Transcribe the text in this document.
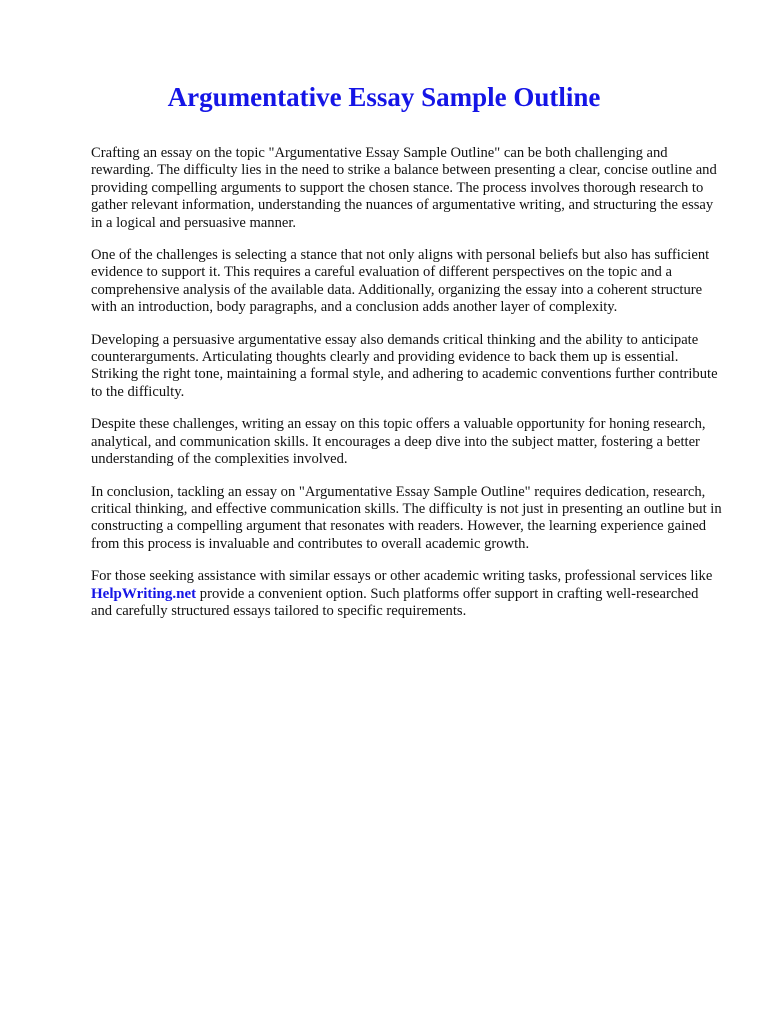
Argumentative Essay Sample Outline

Crafting an essay on the topic "Argumentative Essay Sample Outline" can be both challenging and rewarding. The difficulty lies in the need to strike a balance between presenting a clear, concise outline and providing compelling arguments to support the chosen stance. The process involves thorough research to gather relevant information, understanding the nuances of argumentative writing, and structuring the essay in a logical and persuasive manner.

One of the challenges is selecting a stance that not only aligns with personal beliefs but also has sufficient evidence to support it. This requires a careful evaluation of different perspectives on the topic and a comprehensive analysis of the available data. Additionally, organizing the essay into a coherent structure with an introduction, body paragraphs, and a conclusion adds another layer of complexity.

Developing a persuasive argumentative essay also demands critical thinking and the ability to anticipate counterarguments. Articulating thoughts clearly and providing evidence to back them up is essential. Striking the right tone, maintaining a formal style, and adhering to academic conventions further contribute to the difficulty.

Despite these challenges, writing an essay on this topic offers a valuable opportunity for honing research, analytical, and communication skills. It encourages a deep dive into the subject matter, fostering a better understanding of the complexities involved.

In conclusion, tackling an essay on "Argumentative Essay Sample Outline" requires dedication, research, critical thinking, and effective communication skills. The difficulty is not just in presenting an outline but in constructing a compelling argument that resonates with readers. However, the learning experience gained from this process is invaluable and contributes to overall academic growth.

For those seeking assistance with similar essays or other academic writing tasks, professional services like HelpWriting.net provide a convenient option. Such platforms offer support in crafting well-researched and carefully structured essays tailored to specific requirements.
